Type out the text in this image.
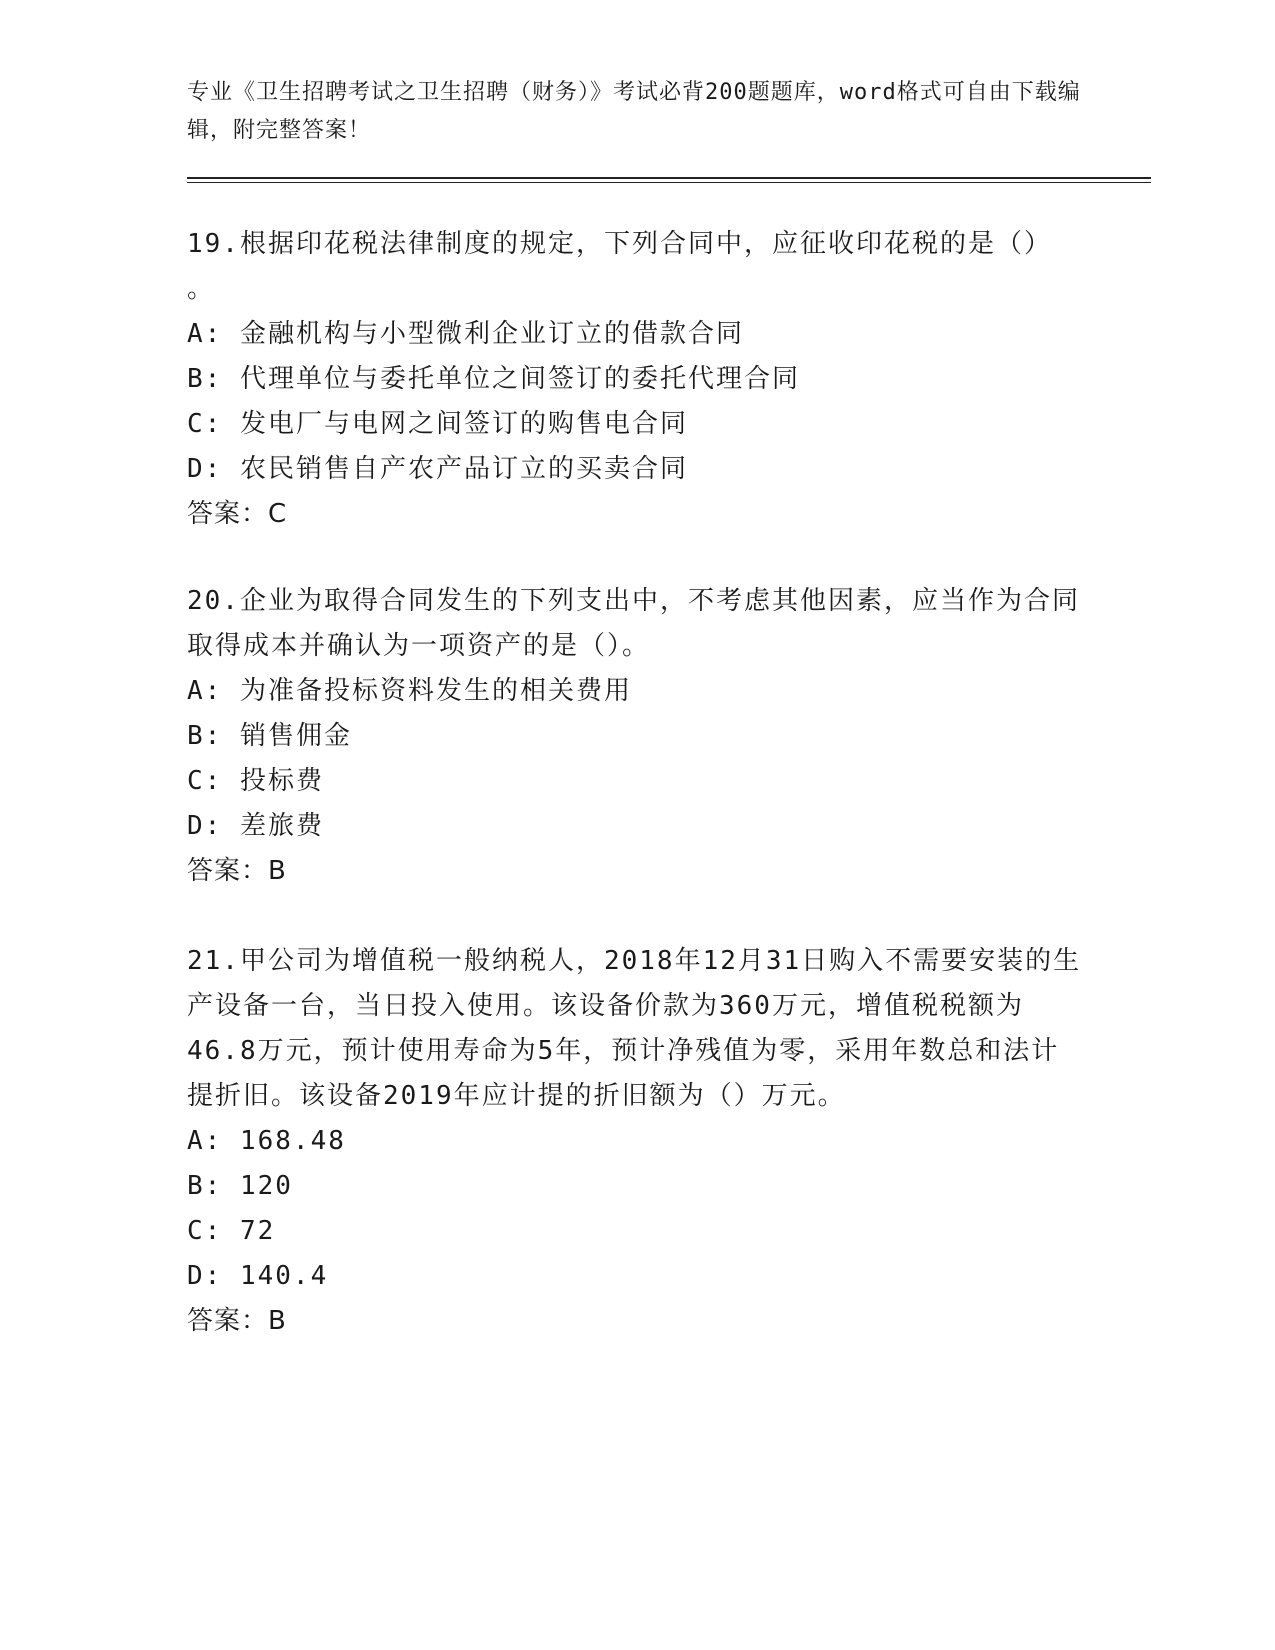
专业《卫生招聘考试之卫生招聘（财务）》考试必背200题题库，word格式可自由下载编辑，附完整答案！

19.根据印花税法律制度的规定，下列合同中，应征收印花税的是（）
。

A: 金融机构与小型微利企业订立的借款合同

B: 代理单位与委托单位之间签订的委托代理合同

C: 发电厂与电网之间签订的购售电合同

D: 农民销售自产农产品订立的买卖合同

答案：C

20.企业为取得合同发生的下列支出中，不考虑其他因素，应当作为合同取得成本并确认为一项资产的是（）。

A: 为准备投标资料发生的相关费用

B: 销售佣金

C: 投标费

D: 差旅费

答案：B

21.甲公司为增值税一般纳税人，2018年12月31日购入不需要安装的生产设备一台，当日投入使用。该设备价款为360万元，增值税税额为46.8万元，预计使用寿命为5年，预计净残值为零，采用年数总和法计提折旧。该设备2019年应计提的折旧额为（）万元。

A: 168.48

B: 120

C: 72

D: 140.4

答案：B
